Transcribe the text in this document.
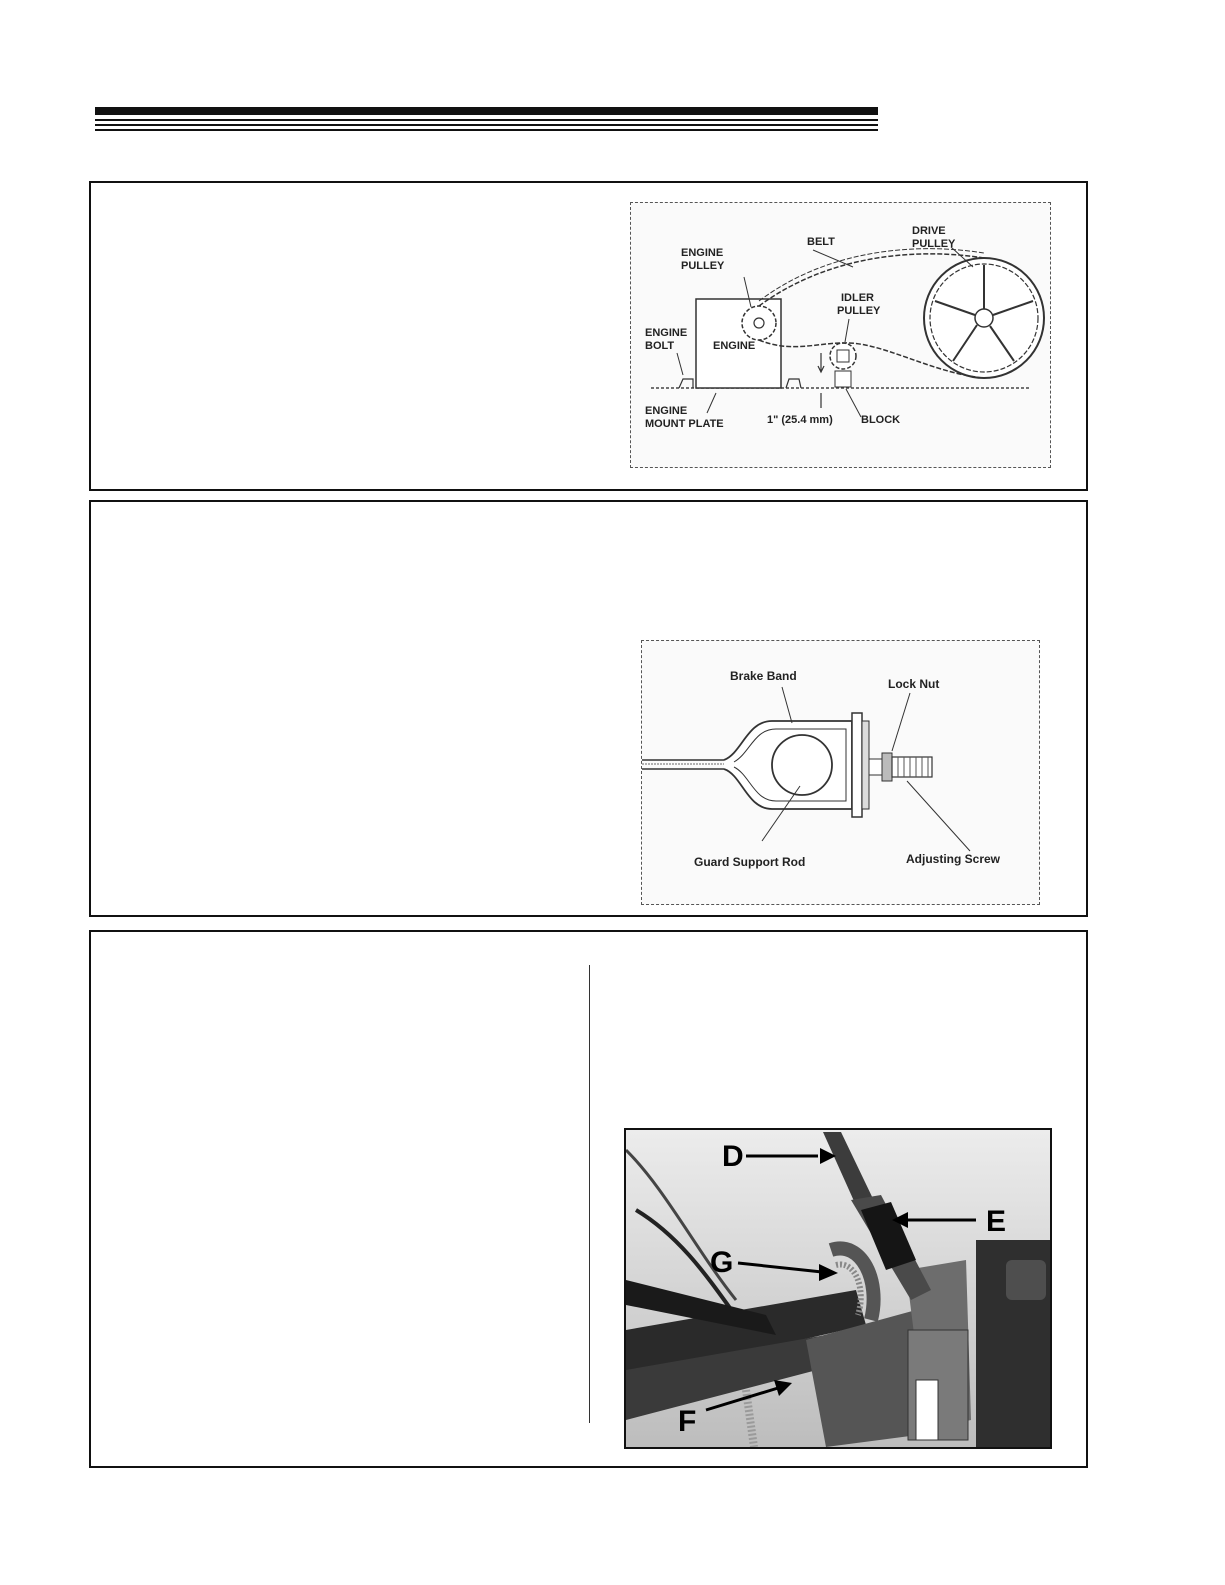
ENGINE
PULLEY
BELT
DRIVE
PULLEY
IDLER
PULLEY
ENGINE
BOLT	ENGINE
ENGINE
MOUNT PLATE	1" (25.4 mm)	BLOCK
Brake Band
Lock Nut
Guard Support Rod	Adjusting Screw
D
E
G
F
